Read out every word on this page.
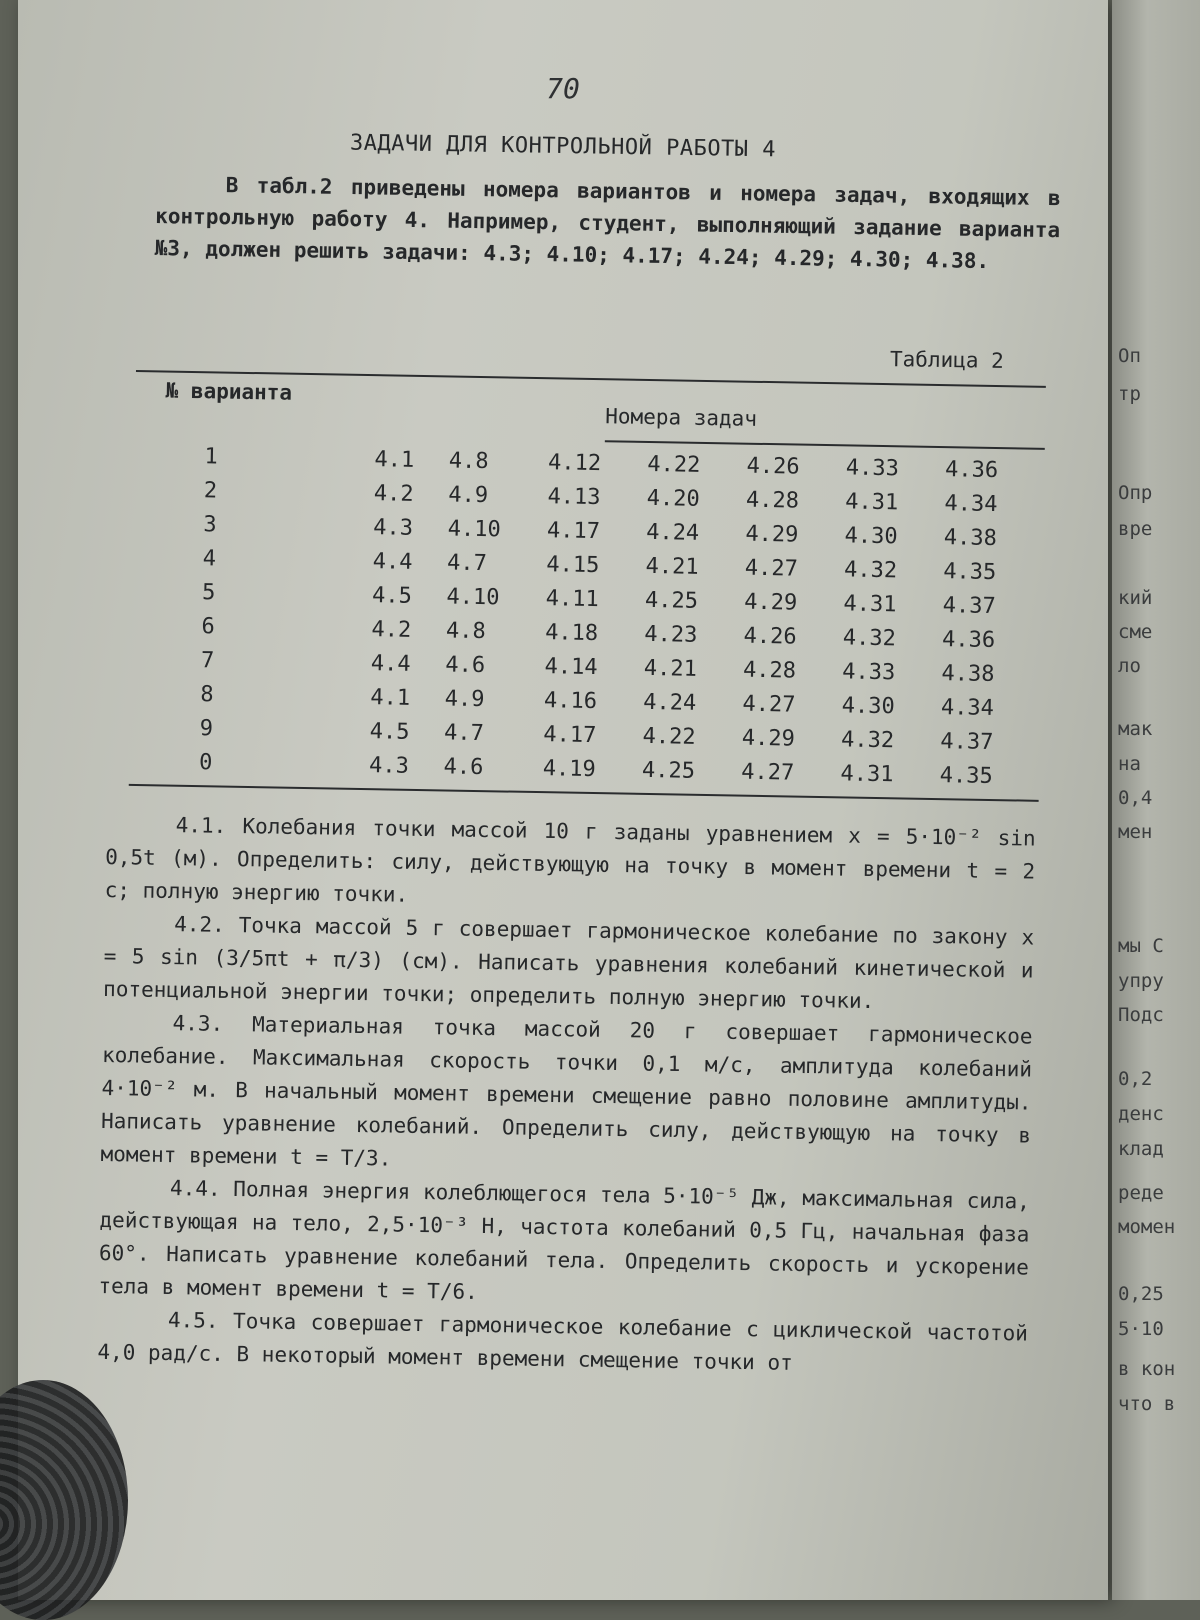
70
ЗАДАЧИ ДЛЯ КОНТРОЛЬНОЙ РАБОТЫ 4

В табл.2 приведены номера вариантов и номера задач, входящих в контрольную работу 4. Например, студент, выполняющий задание варианта №3, должен решить задачи: 4.3; 4.10; 4.17; 4.24; 4.29; 4.30; 4.38.

Таблица 2
№ варианта
Номера задач
1	4.1	4.8	4.12	4.22	4.26	4.33	4.36
2	4.2	4.9	4.13	4.20	4.28	4.31	4.34
3	4.3	4.10	4.17	4.24	4.29	4.30	4.38
4	4.4	4.7	4.15	4.21	4.27	4.32	4.35
5	4.5	4.10	4.11	4.25	4.29	4.31	4.37
6	4.2	4.8	4.18	4.23	4.26	4.32	4.36
7	4.4	4.6	4.14	4.21	4.28	4.33	4.38
8	4.1	4.9	4.16	4.24	4.27	4.30	4.34
9	4.5	4.7	4.17	4.22	4.29	4.32	4.37
0	4.3	4.6	4.19	4.25	4.27	4.31	4.35

4.1. Колебания точки массой 10 г заданы уравнением x = 5·10⁻² sin 0,5t (м). Определить: силу, действующую на точку в момент времени t = 2 с; полную энергию точки.

4.2. Точка массой 5 г совершает гармоническое колебание по закону x = 5 sin (3/5πt + π/3) (см). Написать уравнения колебаний кинетической и потенциальной энергии точки; определить полную энергию точки.

4.3. Материальная точка массой 20 г совершает гармоническое колебание. Максимальная скорость точки 0,1 м/с, амплитуда колебаний 4·10⁻² м. В начальный момент времени смещение равно половине амплитуды. Написать уравнение колебаний. Определить силу, действующую на точку в момент времени t = T/3.

4.4. Полная энергия колеблющегося тела 5·10⁻⁵ Дж, максимальная сила, действующая на тело, 2,5·10⁻³ Н, частота колебаний 0,5 Гц, начальная фаза 60°. Написать уравнение колебаний тела. Определить скорость и ускорение тела в момент времени t = T/6.

4.5. Точка совершает гармоническое колебание с циклической частотой 4,0 рад/с. В некоторый момент времени смещение точки от

Оп
тр
Опр
вре
кий
сме
ло
мак
на
0,4
мен
мы С
упру
Подс
0,2
денс
клад
реде
момен
0,25
5·10
в кон
что в
